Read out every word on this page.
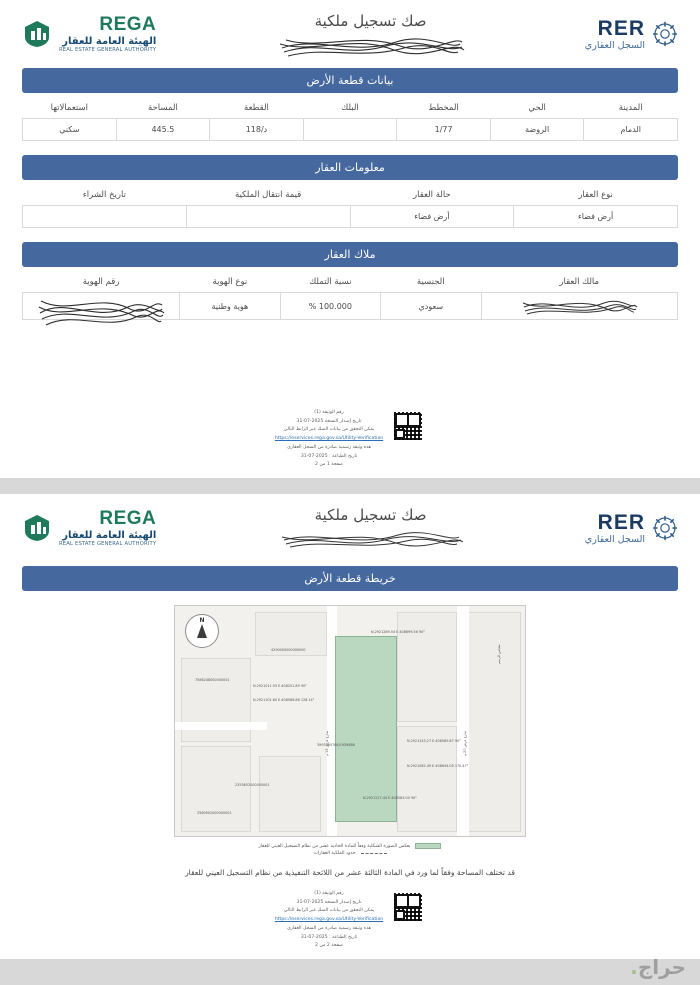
RER
السجل العقاري
صك تسجيل ملكية
REGA
الهيئة العامة للعقار
REAL ESTATE GENERAL AUTHORITY
بيانات قطعة الأرض
المدينة	الحي	المخطط	البلك	القطعة	المساحة	استعمالاتها
الدمام	الروضة	1/77		د/118	445.5	سكني
معلومات العقار
نوع العقار	حالة العقار	قيمة انتقال الملكية	تاريخ الشراء
أرض فضاء	أرض فضاء		
ملاك العقار
مالك العقار	الجنسية	نسبة التملك	نوع الهوية	رقم الهوية

	سعودي	100.000 %	هوية وطنية	
رقم الوثيقة (1)
تاريخ إصدار النسخة 2025-07-31
يمكن التحقق من بيانات الصك عبر الرابط التالي
https://eservices.rega.gov.sa/Utility-Verification
هذه وثيقة رسمية صادرة من السجل العقاري
تاريخ الطباعة : 2025-07-31
صفحة 1 من 2
RER
السجل العقاري
صك تسجيل ملكية
REGA
الهيئة العامة للعقار
REAL ESTATE GENERAL AUTHORITY
خريطة قطعة الأرض
N
مقياس الرسم
N.2921269.54 E.408699.56 90°
N.2921011.93 E.408201.89 90°
N.2921101.60 E.408568.86 128.14°
N.2921243.27 E.408589.87 90°
N.2921082.49 E.408644.05 170.47°
N.2921227.45 E.408583.00 90°
3993165768/1939888
7586248000000001
4290000000000000
2353652000000001
2580902000000001
شارع عرض 15 م
شارع عرض 20 م
يعكس الصورة الشكلية وفقاً للمادة الحادية عشر من نظام التسجيل العيني للعقار
حدود الملكية العقارات
قد تختلف المساحة وفقاً لما ورد في المادة الثالثة عشر من اللائحة التنفيذية من نظام التسجيل العيني للعقار
رقم الوثيقة (1)
تاريخ إصدار النسخة 2025-07-31
يمكن التحقق من بيانات الصك عبر الرابط التالي
https://eservices.rega.gov.sa/Utility-Verification
هذه وثيقة رسمية صادرة من السجل العقاري
تاريخ الطباعة : 2025-07-31
صفحة 2 من 2
حراج.
